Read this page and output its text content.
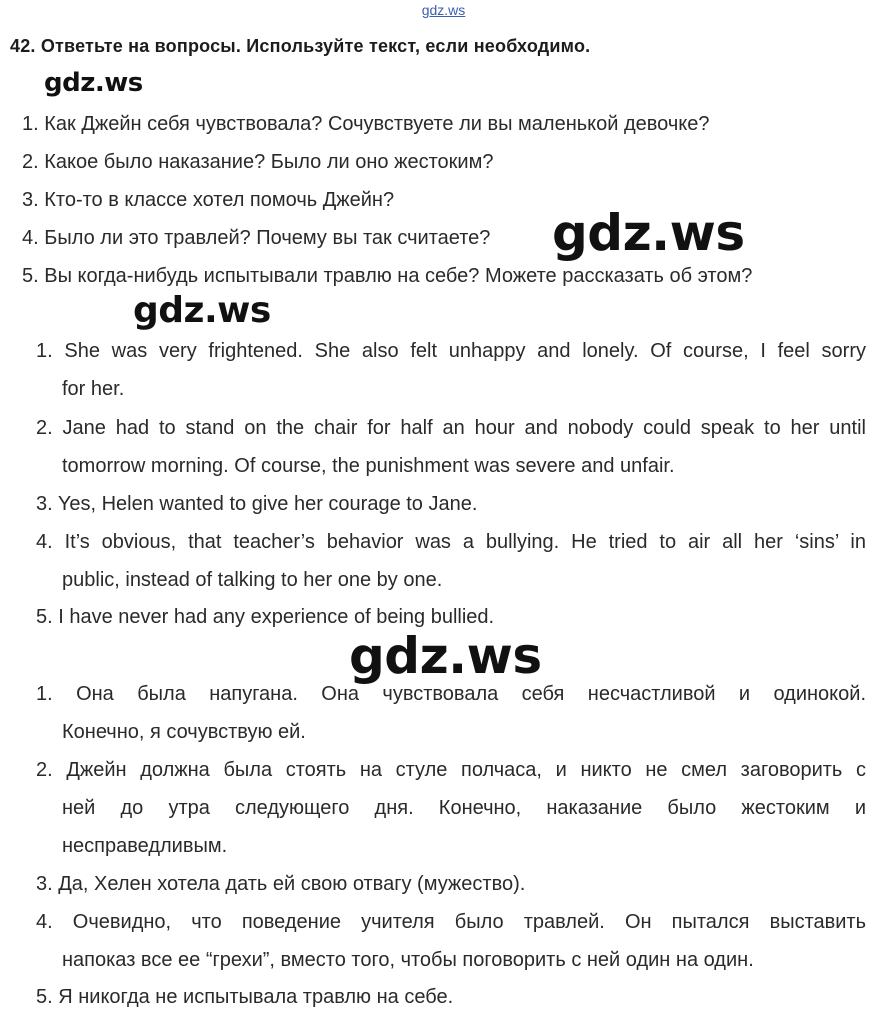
gdz.ws
42. Ответьте на вопросы. Используйте текст, если необходимо.
gdz.ws
gdz.ws
gdz.ws
gdz.ws
1. Как Джейн себя чувствовала? Сочувствуете ли вы маленькой девочке?
2. Какое было наказание? Было ли оно жестоким?
3. Кто-то в классе хотел помочь Джейн?
4. Было ли это травлей? Почему вы так считаете?
5. Вы когда-нибудь испытывали травлю на себе? Можете рассказать об этом?
1. She was very frightened. She also felt unhappy and lonely. Of course, I feel sorry
for her.
2. Jane had to stand on the chair for half an hour and nobody could speak to her until
tomorrow morning. Of course, the punishment was severe and unfair.
3. Yes, Helen wanted to give her courage to Jane.
4. It’s obvious, that teacher’s behavior was a bullying. He tried to air all her ‘sins’ in
public, instead of talking to her one by one.
5. I have never had any experience of being bullied.
1. Она была напугана. Она чувствовала себя несчастливой и одинокой.
Конечно, я сочувствую ей.
2. Джейн должна была стоять на стуле полчаса, и никто не смел заговорить с
ней до утра следующего дня. Конечно, наказание было жестоким и
несправедливым.
3. Да, Хелен хотела дать ей свою отвагу (мужество).
4. Очевидно, что поведение учителя было травлей. Он пытался выставить
напоказ все ее “грехи”, вместо того, чтобы поговорить с ней один на один.
5. Я никогда не испытывала травлю на себе.
